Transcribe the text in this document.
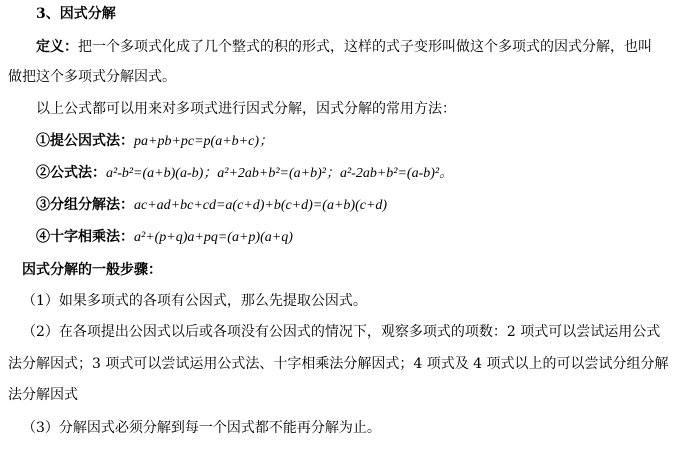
3、因式分解
定义：把一个多项式化成了几个整式的积的形式，这样的式子变形叫做这个多项式的因式分解，也叫
做把这个多项式分解因式。
以上公式都可以用来对多项式进行因式分解，因式分解的常用方法：
①提公因式法：pa+pb+pc=p(a+b+c)；
②公式法：a²-b²=(a+b)(a-b)；a²+2ab+b²=(a+b)²；a²-2ab+b²=(a-b)²。
③分组分解法：ac+ad+bc+cd=a(c+d)+b(c+d)=(a+b)(c+d)
④十字相乘法：a²+(p+q)a+pq=(a+p)(a+q)
因式分解的一般步骤：
（1）如果多项式的各项有公因式，那么先提取公因式。
（2）在各项提出公因式以后或各项没有公因式的情况下，观察多项式的项数：2 项式可以尝试运用公式
法分解因式；3 项式可以尝试运用公式法、十字相乘法分解因式；4 项式及 4 项式以上的可以尝试分组分解
法分解因式
（3）分解因式必须分解到每一个因式都不能再分解为止。
